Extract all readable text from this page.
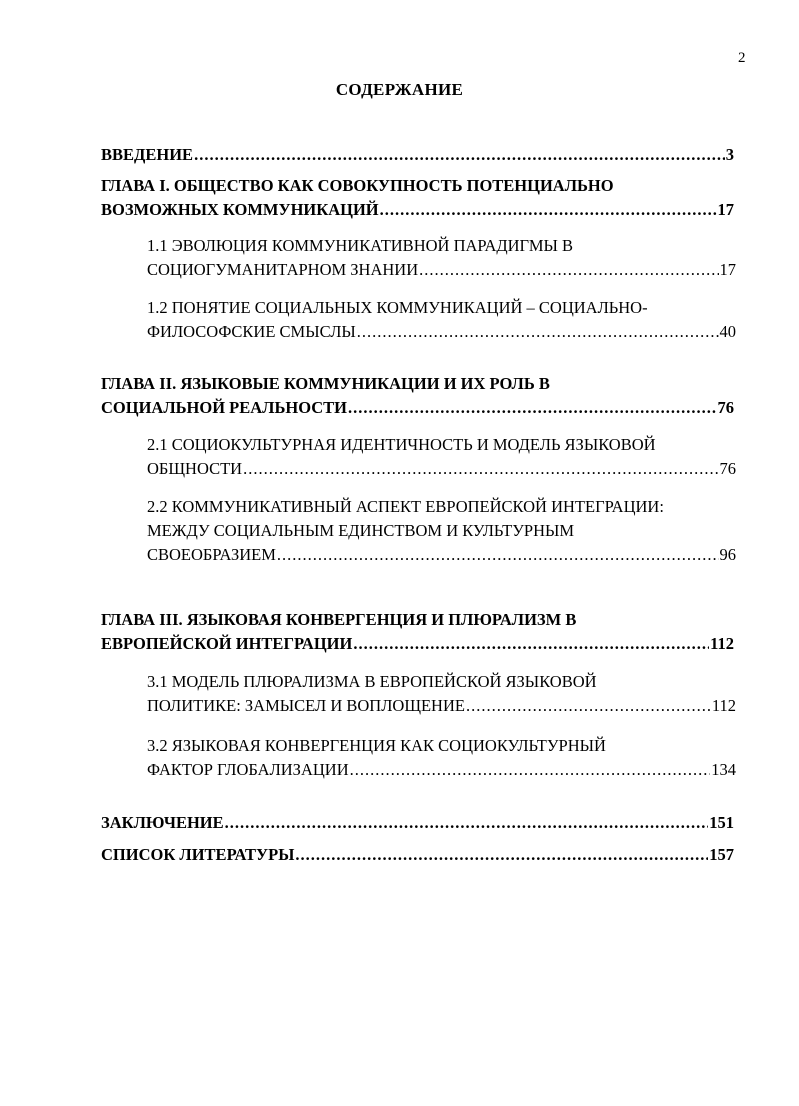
2
СОДЕРЖАНИЕ
ВВЕДЕНИЕ .....	3
ГЛАВА I. ОБЩЕСТВО КАК СОВОКУПНОСТЬ ПОТЕНЦИАЛЬНО
ВОЗМОЖНЫХ КОММУНИКАЦИЙ .....	17
1.1 ЭВОЛЮЦИЯ КОММУНИКАТИВНОЙ ПАРАДИГМЫ В
СОЦИОГУМАНИТАРНОМ ЗНАНИИ .....	17
1.2 ПОНЯТИЕ СОЦИАЛЬНЫХ КОММУНИКАЦИЙ – СОЦИАЛЬНО-
ФИЛОСОФСКИЕ СМЫСЛЫ .....	40
ГЛАВА II. ЯЗЫКОВЫЕ КОММУНИКАЦИИ И ИХ РОЛЬ В
СОЦИАЛЬНОЙ РЕАЛЬНОСТИ .....	76
2.1 СОЦИОКУЛЬТУРНАЯ ИДЕНТИЧНОСТЬ И МОДЕЛЬ ЯЗЫКОВОЙ
ОБЩНОСТИ .....	76
2.2 КОММУНИКАТИВНЫЙ АСПЕКТ ЕВРОПЕЙСКОЙ ИНТЕГРАЦИИ:
МЕЖДУ СОЦИАЛЬНЫМ ЕДИНСТВОМ И КУЛЬТУРНЫМ
СВОЕОБРАЗИЕМ .....	96
ГЛАВА III. ЯЗЫКОВАЯ КОНВЕРГЕНЦИЯ И ПЛЮРАЛИЗМ В
ЕВРОПЕЙСКОЙ ИНТЕГРАЦИИ .....	112
3.1 МОДЕЛЬ ПЛЮРАЛИЗМА В ЕВРОПЕЙСКОЙ ЯЗЫКОВОЙ
ПОЛИТИКЕ: ЗАМЫСЕЛ И ВОПЛОЩЕНИЕ .....	112
3.2 ЯЗЫКОВАЯ КОНВЕРГЕНЦИЯ КАК СОЦИОКУЛЬТУРНЫЙ
ФАКТОР ГЛОБАЛИЗАЦИИ .....	134
ЗАКЛЮЧЕНИЕ .....	151
СПИСОК ЛИТЕРАТУРЫ .....	157
